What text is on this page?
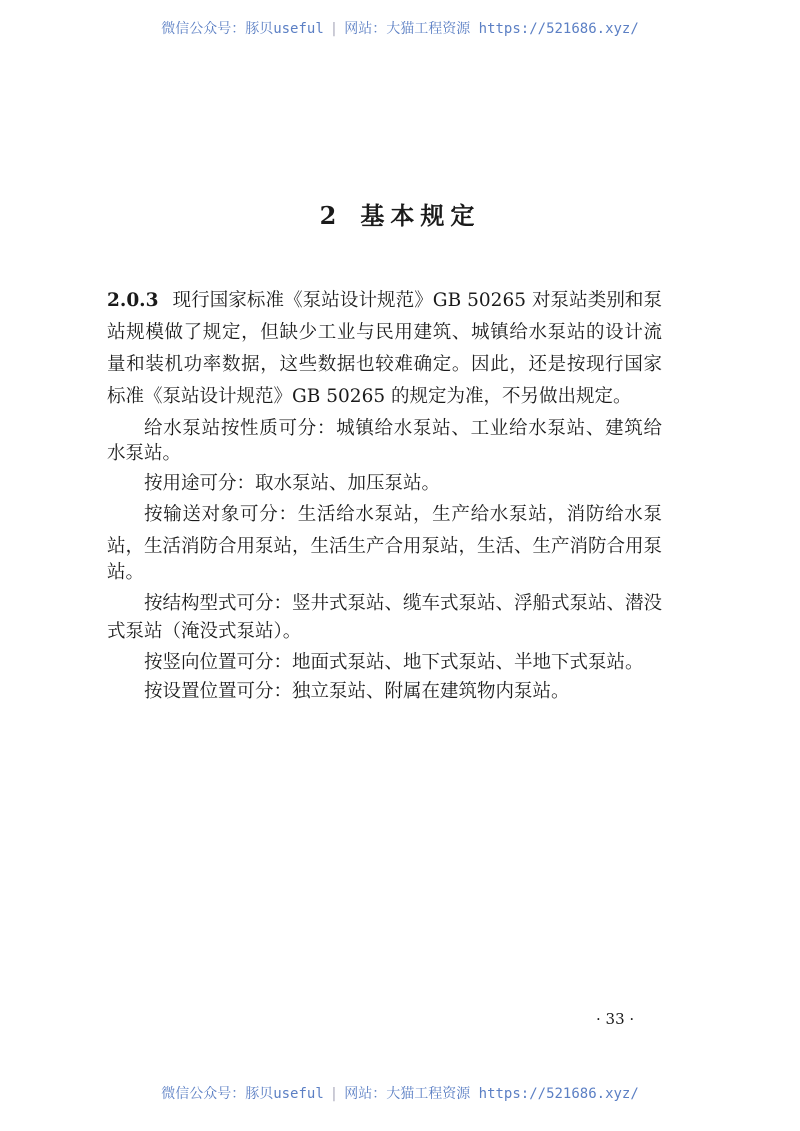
微信公众号：豚贝useful | 网站：大猫工程资源 https://521686.xyz/
2 基本规定
2.0.3 现行国家标准《泵站设计规范》GB 50265 对泵站类别和泵
站规模做了规定，但缺少工业与民用建筑、城镇给水泵站的设计流
量和装机功率数据，这些数据也较难确定。因此，还是按现行国家
标准《泵站设计规范》GB 50265 的规定为准，不另做出规定。
给水泵站按性质可分：城镇给水泵站、工业给水泵站、建筑给
水泵站。
按用途可分：取水泵站、加压泵站。
按输送对象可分：生活给水泵站，生产给水泵站，消防给水泵
站，生活消防合用泵站，生活生产合用泵站，生活、生产消防合用泵
站。
按结构型式可分：竖井式泵站、缆车式泵站、浮船式泵站、潜没
式泵站（淹没式泵站）。
按竖向位置可分：地面式泵站、地下式泵站、半地下式泵站。
按设置位置可分：独立泵站、附属在建筑物内泵站。
· 33 ·
微信公众号：豚贝useful | 网站：大猫工程资源 https://521686.xyz/
